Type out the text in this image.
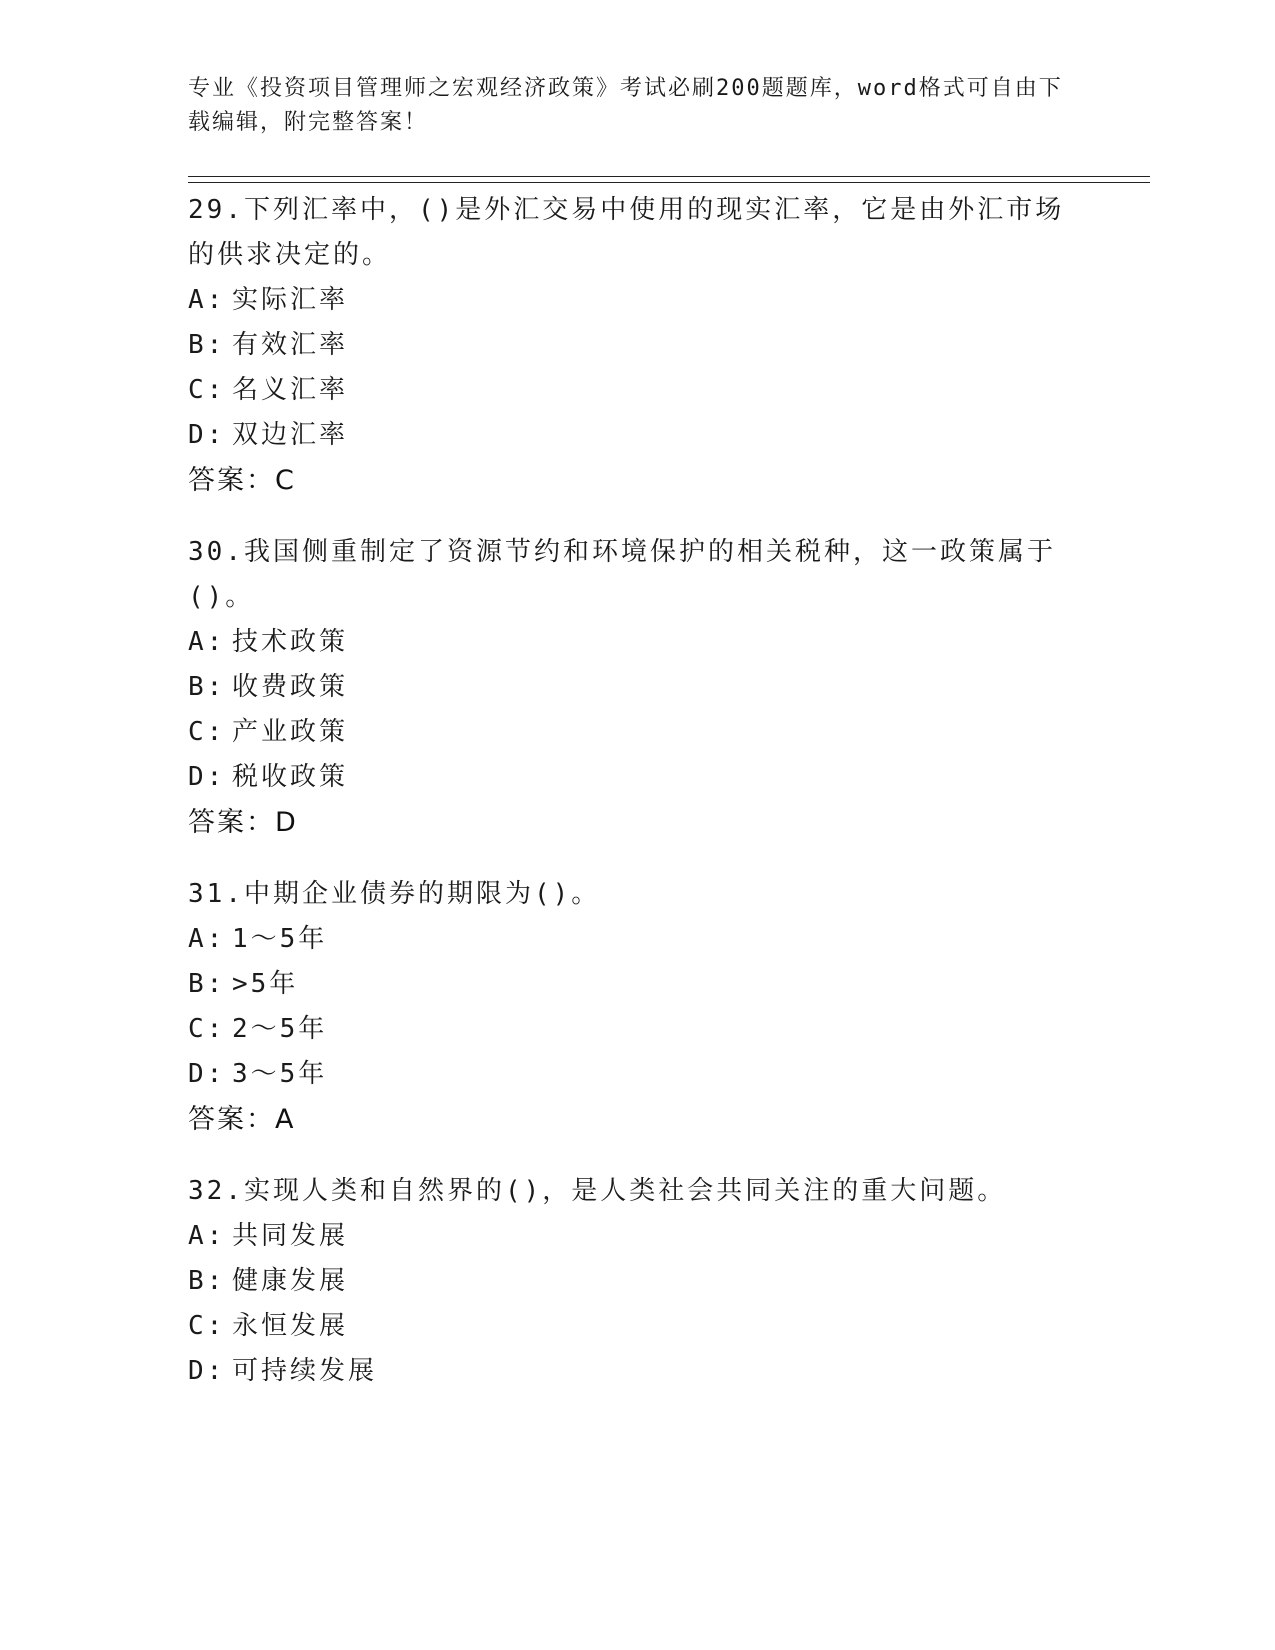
专业《投资项目管理师之宏观经济政策》考试必刷200题题库，word格式可自由下载编辑，附完整答案！

29 . 下列汇率中，()是外汇交易中使用的现实汇率，它是由外汇市场的供求决定的。

A : 实际汇率

B : 有效汇率

C : 名义汇率

D : 双边汇率

答案：C

30 . 我国侧重制定了资源节约和环境保护的相关税种，这一政策属于()。

A : 技术政策

B : 收费政策

C : 产业政策

D : 税收政策

答案：D

31 . 中期企业债券的期限为()。

A : 1～5年

B : >5年

C : 2～5年

D : 3～5年

答案：A

32 . 实现人类和自然界的()，是人类社会共同关注的重大问题。

A : 共同发展

B : 健康发展

C : 永恒发展

D : 可持续发展
